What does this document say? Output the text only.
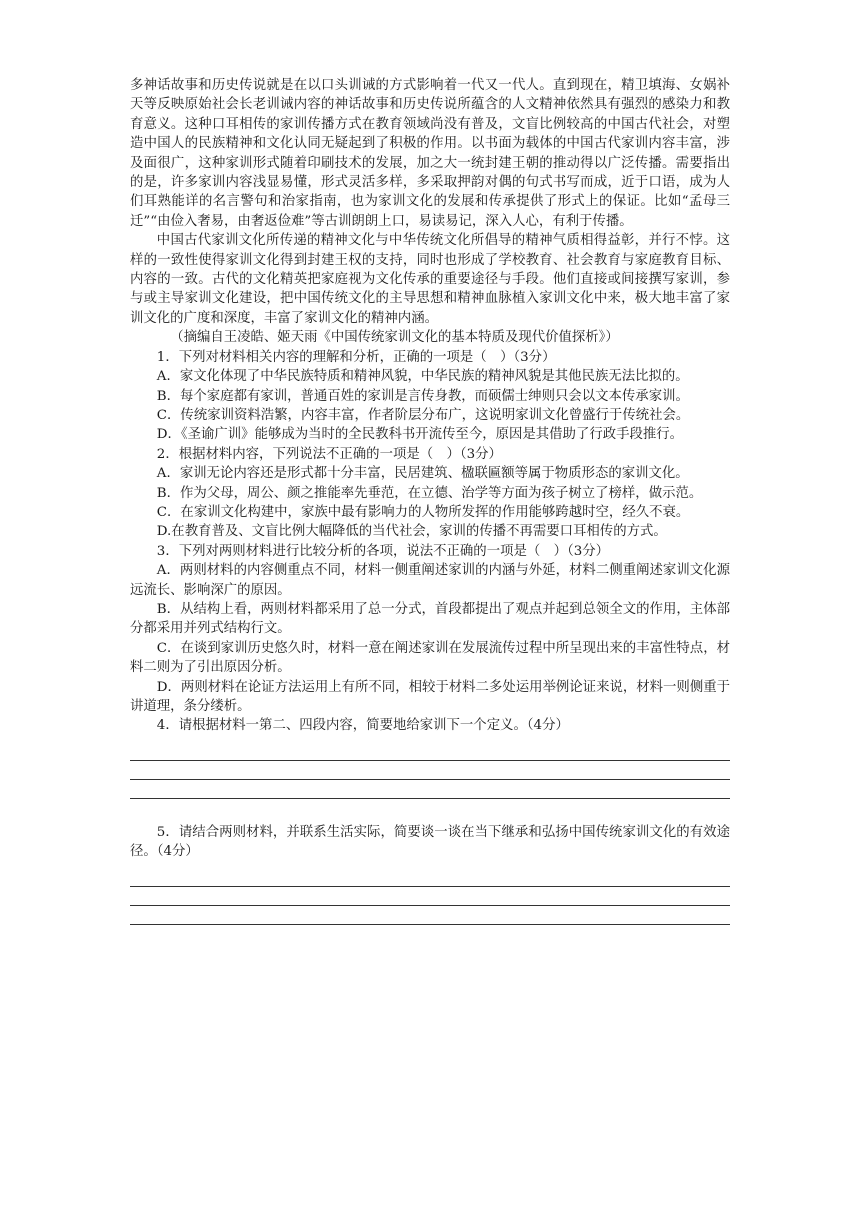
多神话故事和历史传说就是在以口头训诫的方式影响着一代又一代人。直到现在，精卫填海、女娲补天等反映原始社会长老训诫内容的神话故事和历史传说所蕴含的人文精神依然具有强烈的感染力和教育意义。这种口耳相传的家训传播方式在教育领域尚没有普及，文盲比例较高的中国古代社会，对塑造中国人的民族精神和文化认同无疑起到了积极的作用。以书面为载体的中国古代家训内容丰富，涉及面很广，这种家训形式随着印刷技术的发展，加之大一统封建王朝的推动得以广泛传播。需要指出的是，许多家训内容浅显易懂，形式灵活多样，多采取押韵对偶的句式书写而成，近于口语，成为人们耳熟能详的名言警句和治家指南，也为家训文化的发展和传承提供了形式上的保证。比如“孟母三迁”“由俭入奢易，由奢返俭难”等古训朗朗上口，易读易记，深入人心，有利于传播。

中国古代家训文化所传递的精神文化与中华传统文化所倡导的精神气质相得益彰，并行不悖。这样的一致性使得家训文化得到封建王权的支持，同时也形成了学校教育、社会教育与家庭教育目标、内容的一致。古代的文化精英把家庭视为文化传承的重要途径与手段。他们直接或间接撰写家训，参与或主导家训文化建设，把中国传统文化的主导思想和精神血脉植入家训文化中来，极大地丰富了家训文化的广度和深度，丰富了家训文化的精神内涵。

（摘编自王凌皓、姬天雨《中国传统家训文化的基本特质及现代价值探析》）

1．下列对材料相关内容的理解和分析，正确的一项是（　）（3分）

A．家文化体现了中华民族特质和精神风貌，中华民族的精神风貌是其他民族无法比拟的。

B．每个家庭都有家训，普通百姓的家训是言传身教，而硕儒士绅则只会以文本传承家训。

C．传统家训资料浩繁，内容丰富，作者阶层分布广，这说明家训文化曾盛行于传统社会。

D．《圣谕广训》能够成为当时的全民教科书开流传至今，原因是其借助了行政手段推行。

2．根据材料内容，下列说法不正确的一项是（　）（3分）

A．家训无论内容还是形式都十分丰富，民居建筑、楹联匾额等属于物质形态的家训文化。

B．作为父母，周公、颜之推能率先垂范，在立德、治学等方面为孩子树立了榜样，做示范。

C．在家训文化构建中，家族中最有影响力的人物所发挥的作用能够跨越时空，经久不衰。

D.在教育普及、文盲比例大幅降低的当代社会，家训的传播不再需要口耳相传的方式。

3．下列对两则材料进行比较分析的各项，说法不正确的一项是（　）（3分）

A．两则材料的内容侧重点不同，材料一侧重阐述家训的内涵与外延，材料二侧重阐述家训文化源远流长、影响深广的原因。

B．从结构上看，两则材料都采用了总一分式，首段都提出了观点并起到总领全文的作用，主体部分都采用并列式结构行文。

C．在谈到家训历史悠久时，材料一意在阐述家训在发展流传过程中所呈现出来的丰富性特点，材料二则为了引出原因分析。

D．两则材料在论证方法运用上有所不同，相较于材料二多处运用举例论证来说，材料一则侧重于讲道理，条分缕析。

4．请根据材料一第二、四段内容，简要地给家训下一个定义。（4分）

5．请结合两则材料，并联系生活实际，简要谈一谈在当下继承和弘扬中国传统家训文化的有效途径。（4分）
